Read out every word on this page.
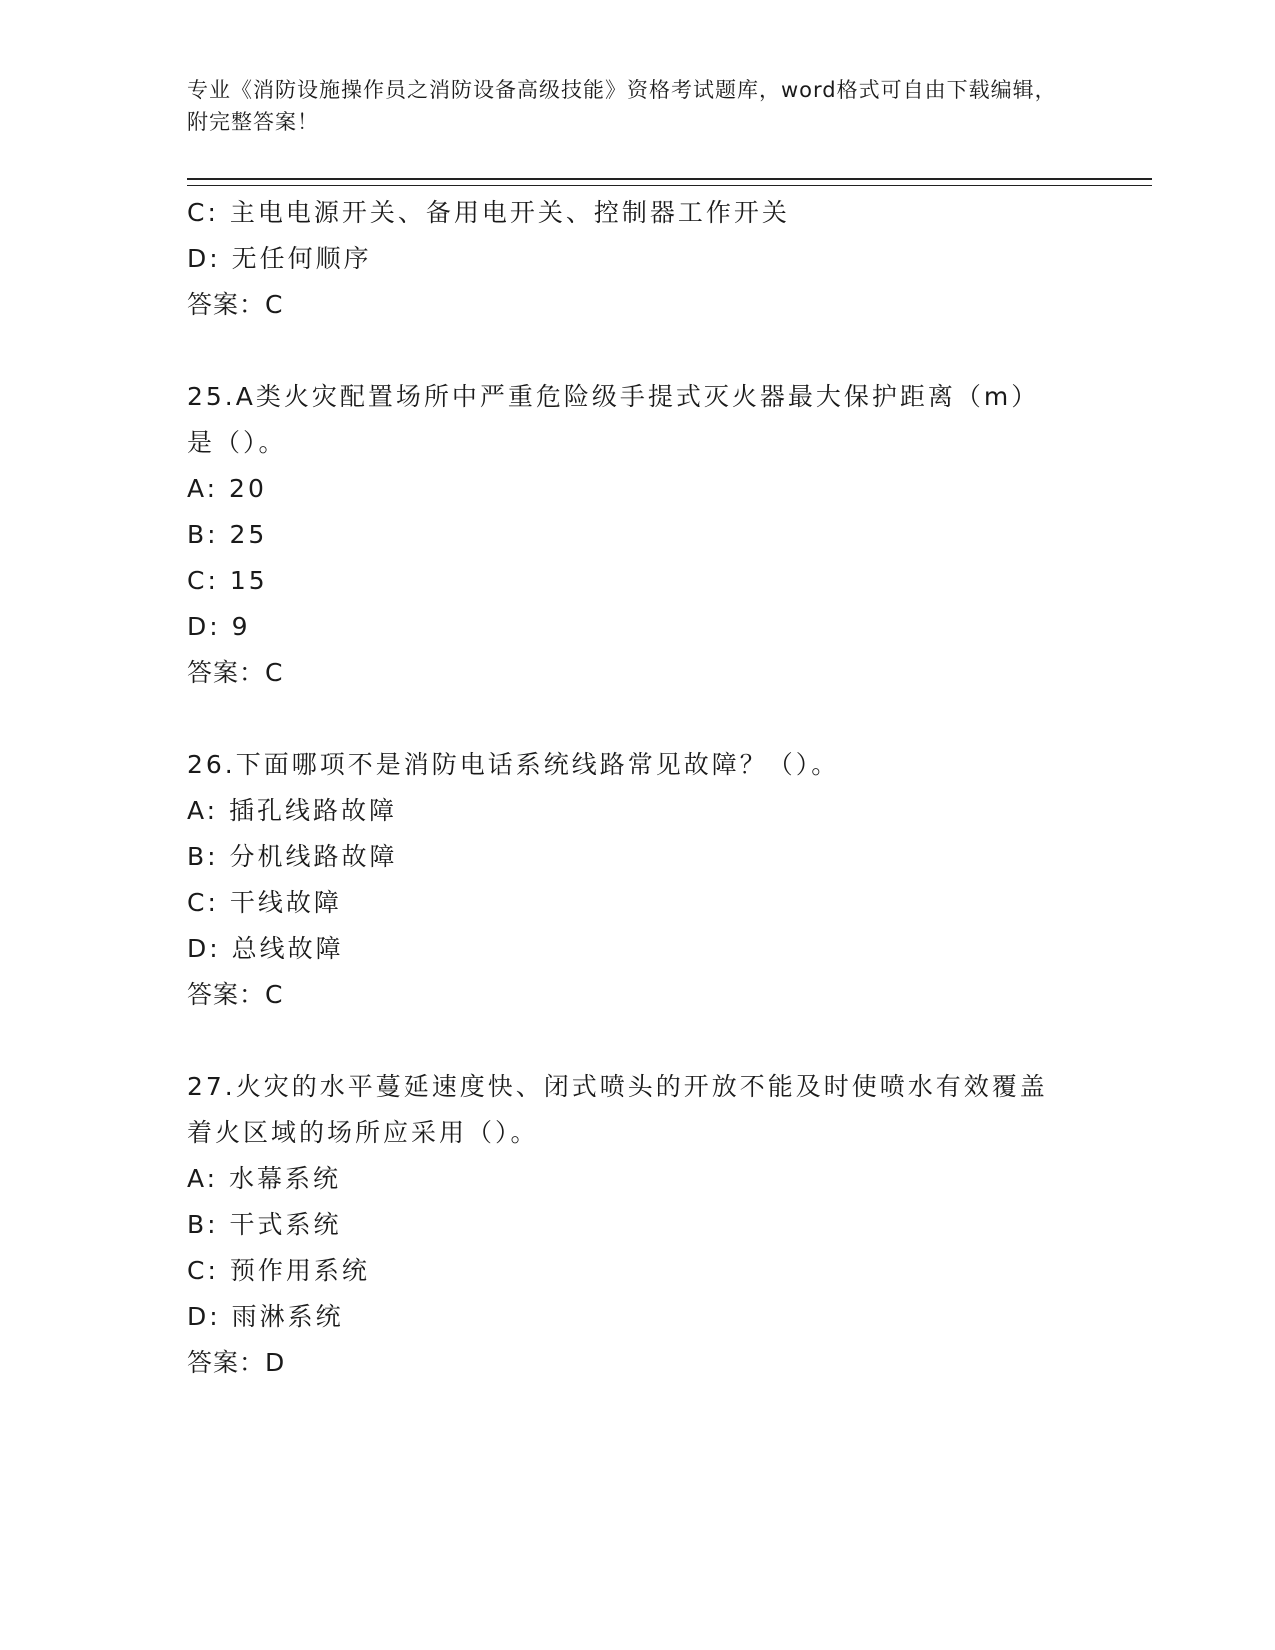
专业《消防设施操作员之消防设备高级技能》资格考试题库，word格式可自由下载编辑，附完整答案！
C: 主电电源开关、备用电开关、控制器工作开关
D: 无任何顺序
答案：C
25.A类火灾配置场所中严重危险级手提式灭火器最大保护距离（m）是（）。
A: 20
B: 25
C: 15
D: 9
答案：C
26.下面哪项不是消防电话系统线路常见故障？（）。
A: 插孔线路故障
B: 分机线路故障
C: 干线故障
D: 总线故障
答案：C
27.火灾的水平蔓延速度快、闭式喷头的开放不能及时使喷水有效覆盖着火区域的场所应采用（）。
A: 水幕系统
B: 干式系统
C: 预作用系统
D: 雨淋系统
答案：D
